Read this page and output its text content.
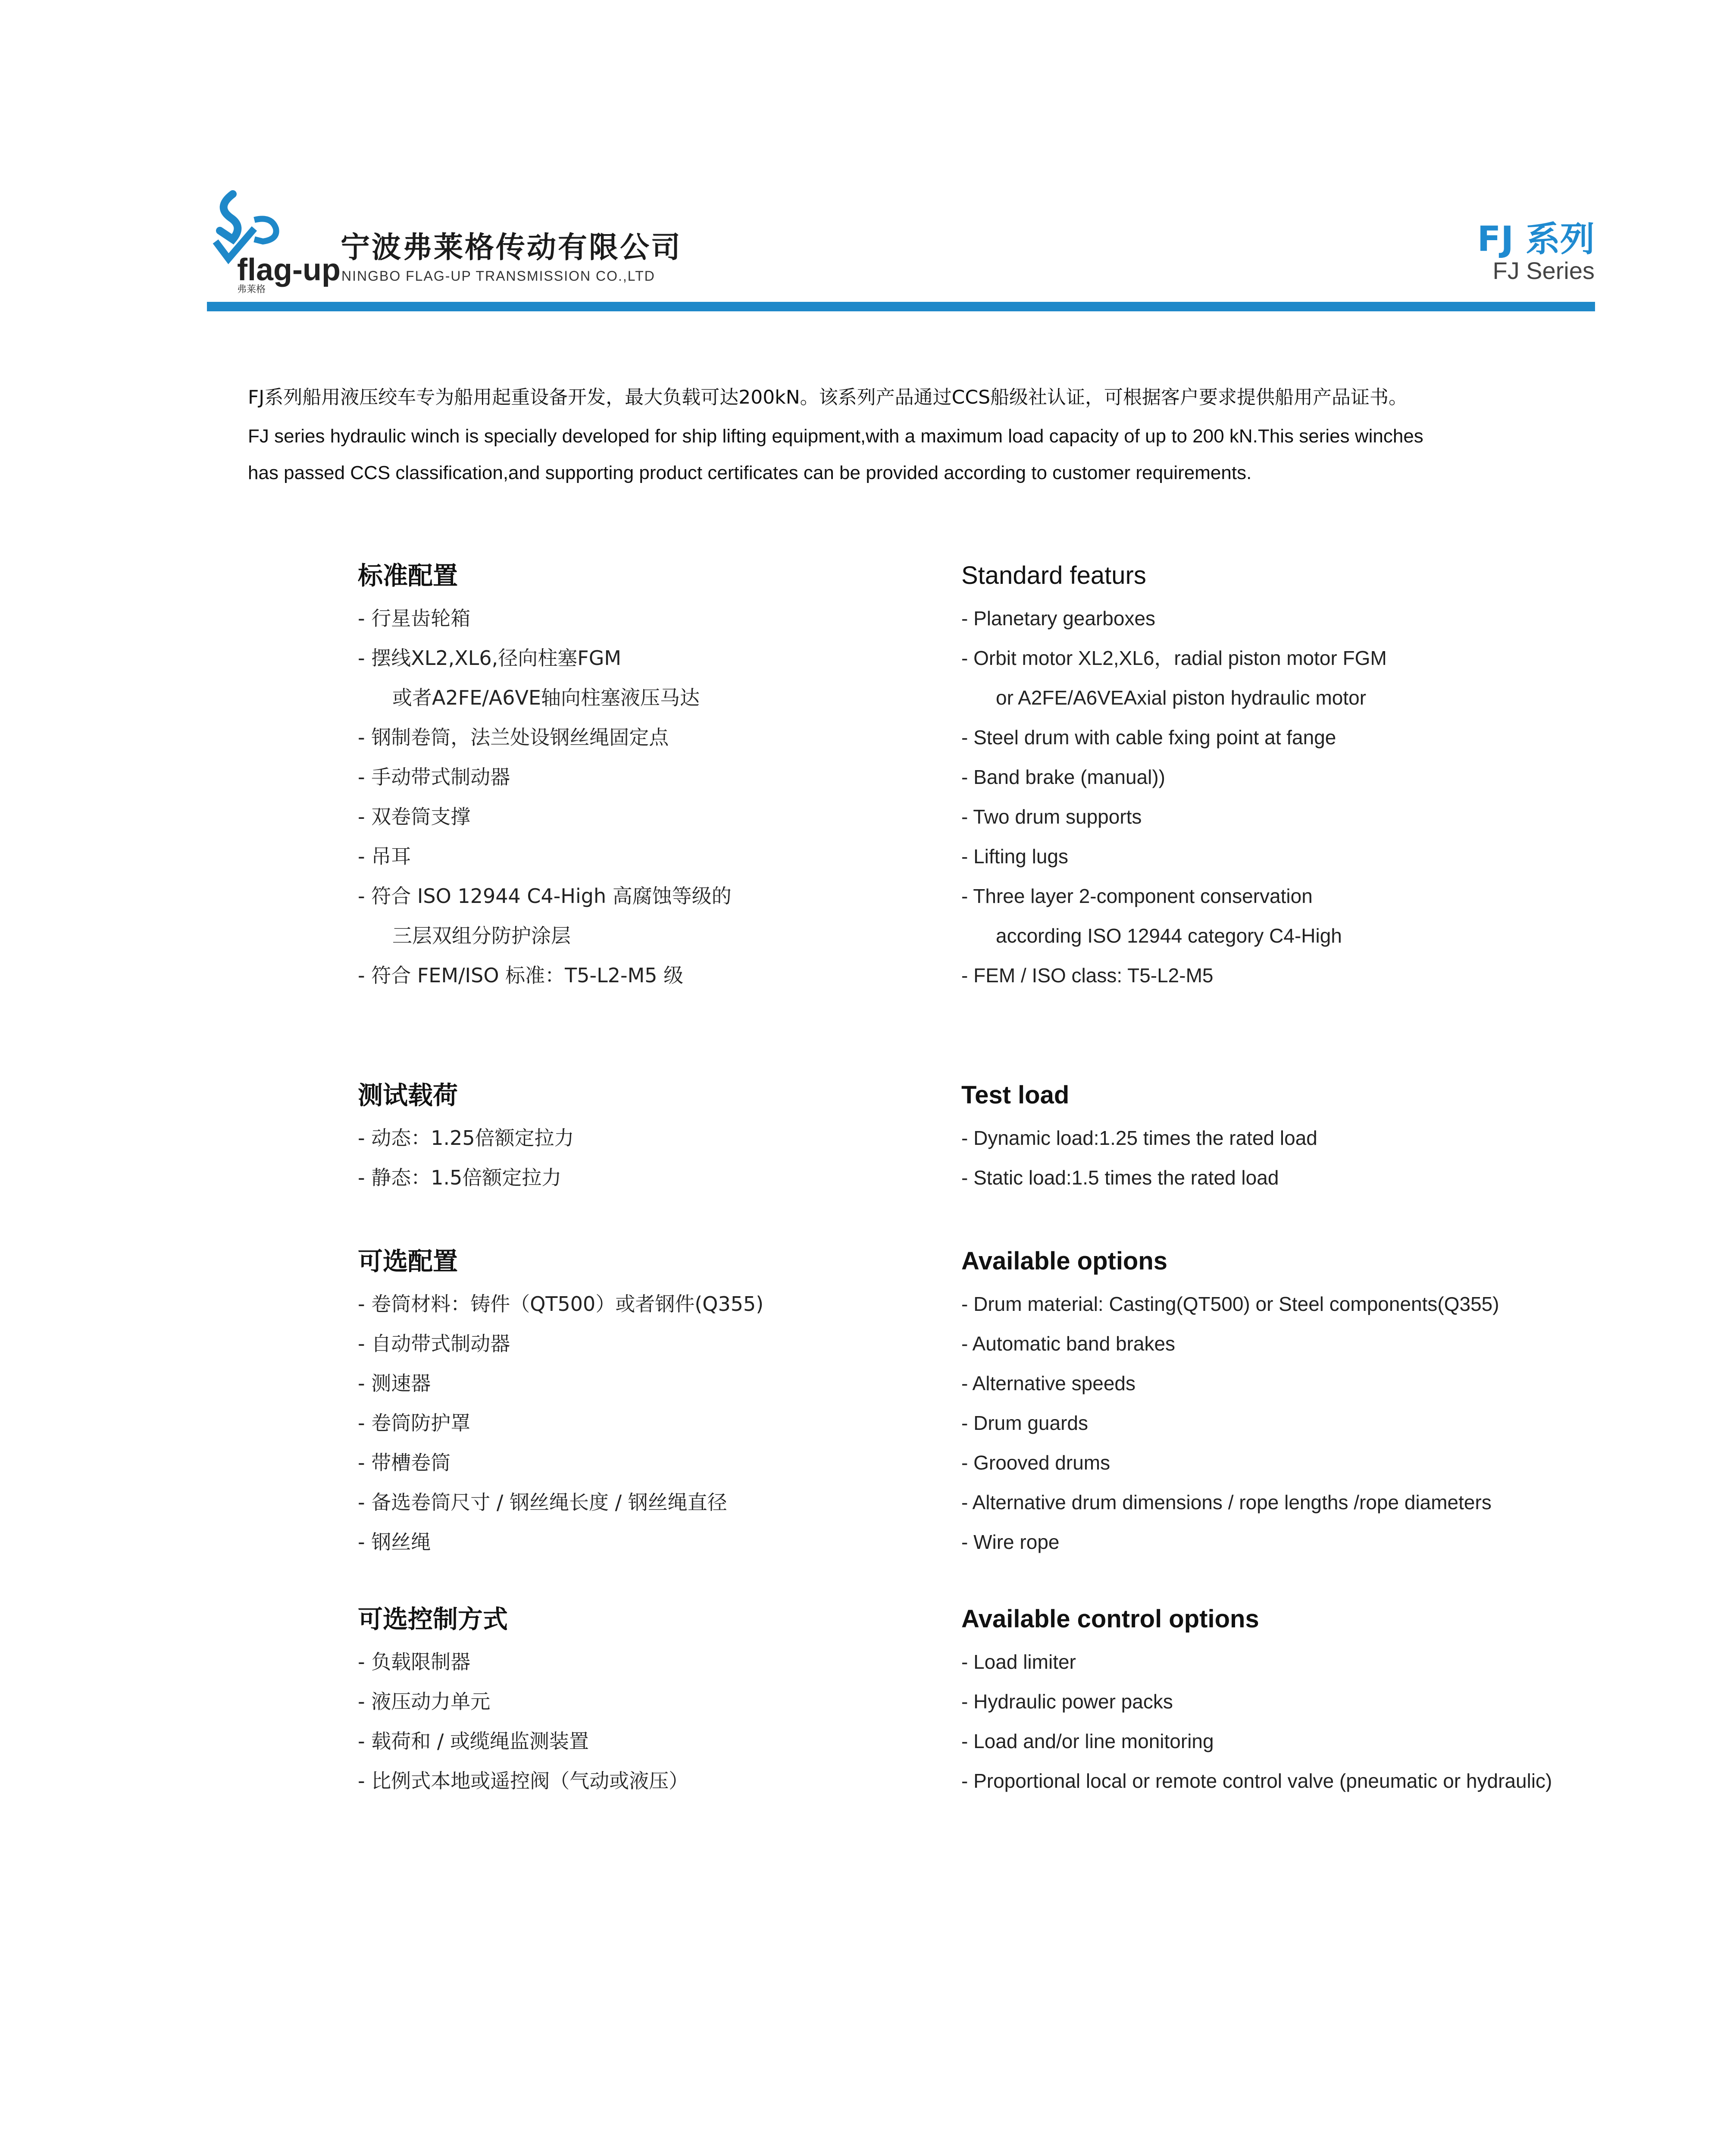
flag-up
弗莱格
宁波弗莱格传动有限公司
NINGBO FLAG-UP TRANSMISSION CO.,LTD
FJ 系列
FJ Series
FJ系列船用液压绞车专为船用起重设备开发，最大负载可达200kN。该系列产品通过CCS船级社认证，可根据客户要求提供船用产品证书。
FJ series hydraulic winch is specially developed for ship lifting equipment,with a maximum load capacity of up to 200 kN.This series winches
has passed CCS classification,and supporting product certificates can be provided according to customer requirements.
标准配置
- 行星齿轮箱
- 摆线XL2,XL6,径向柱塞FGM
或者A2FE/A6VE轴向柱塞液压马达
- 钢制卷筒，法兰处设钢丝绳固定点
- 手动带式制动器
- 双卷筒支撑
- 吊耳
- 符合 ISO 12944 C4-High 高腐蚀等级的
三层双组分防护涂层
- 符合 FEM/ISO 标准：T5-L2-M5 级
Standard featurs
- Planetary gearboxes
- Orbit motor XL2,XL6，radial piston motor FGM
or A2FE/A6VEAxial piston hydraulic motor
- Steel drum with cable fxing point at fange
- Band brake (manual))
- Two drum supports
- Lifting lugs
- Three layer 2-component conservation
according ISO 12944 category C4-High
- FEM / ISO class: T5-L2-M5
测试载荷
- 动态：1.25倍额定拉力
- 静态：1.5倍额定拉力
Test load
- Dynamic load:1.25 times the rated load
- Static load:1.5 times the rated load
可选配置
- 卷筒材料：铸件（QT500）或者钢件(Q355)
- 自动带式制动器
- 测速器
- 卷筒防护罩
- 带槽卷筒
- 备选卷筒尺寸 / 钢丝绳长度 / 钢丝绳直径
- 钢丝绳
Available options
- Drum material: Casting(QT500) or Steel components(Q355)
- Automatic band brakes
- Alternative speeds
- Drum guards
- Grooved drums
- Alternative drum dimensions / rope lengths /rope diameters
- Wire rope
可选控制方式
- 负载限制器
- 液压动力单元
- 载荷和 / 或缆绳监测装置
- 比例式本地或遥控阀（气动或液压）
Available control options
- Load limiter
- Hydraulic power packs
- Load and/or line monitoring
- Proportional local or remote control valve (pneumatic or hydraulic)
